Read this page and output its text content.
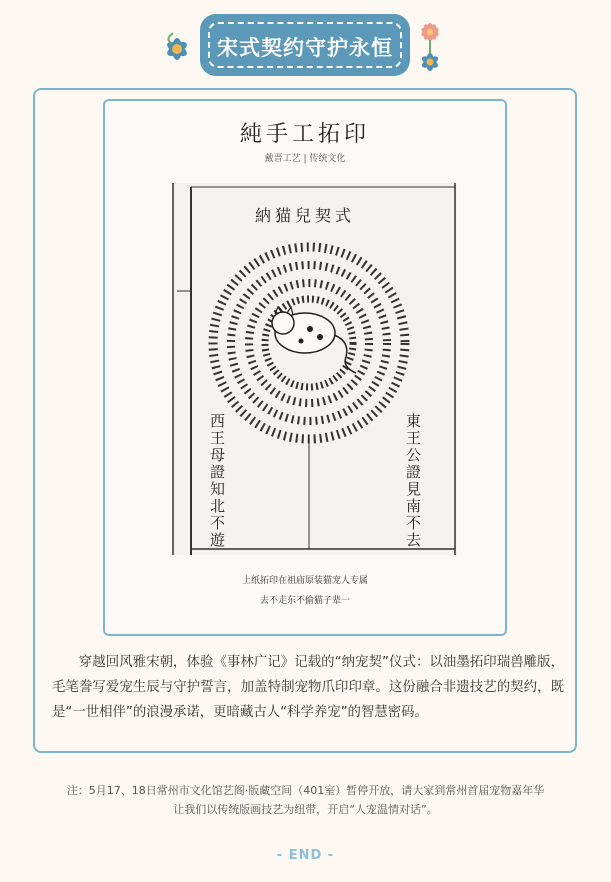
宋式契约守护永恒
純手工拓印
戴晋工艺 | 传统文化
納猫兒契式
東王公證見南不去
西王母證知北不遊
上纸拓印在祖庙原装猫宠人专属
去不走东不偷猫子辈一
穿越回风雅宋朝，体验《事林广记》记载的“纳宠契”仪式：以油墨拓印瑞兽雕版，毛笔誊写爱宠生辰与守护誓言，加盖特制宠物爪印印章。这份融合非遗技艺的契约，既是“一世相伴”的浪漫承诺，更暗藏古人“科学养宠”的智慧密码。
注：5月17、18日常州市文化馆艺阁·版藏空间（401室）暂停开放，请大家到常州首届宠物嘉年华
让我们以传统版画技艺为纽带，开启“人宠温情对话”。
- END -
